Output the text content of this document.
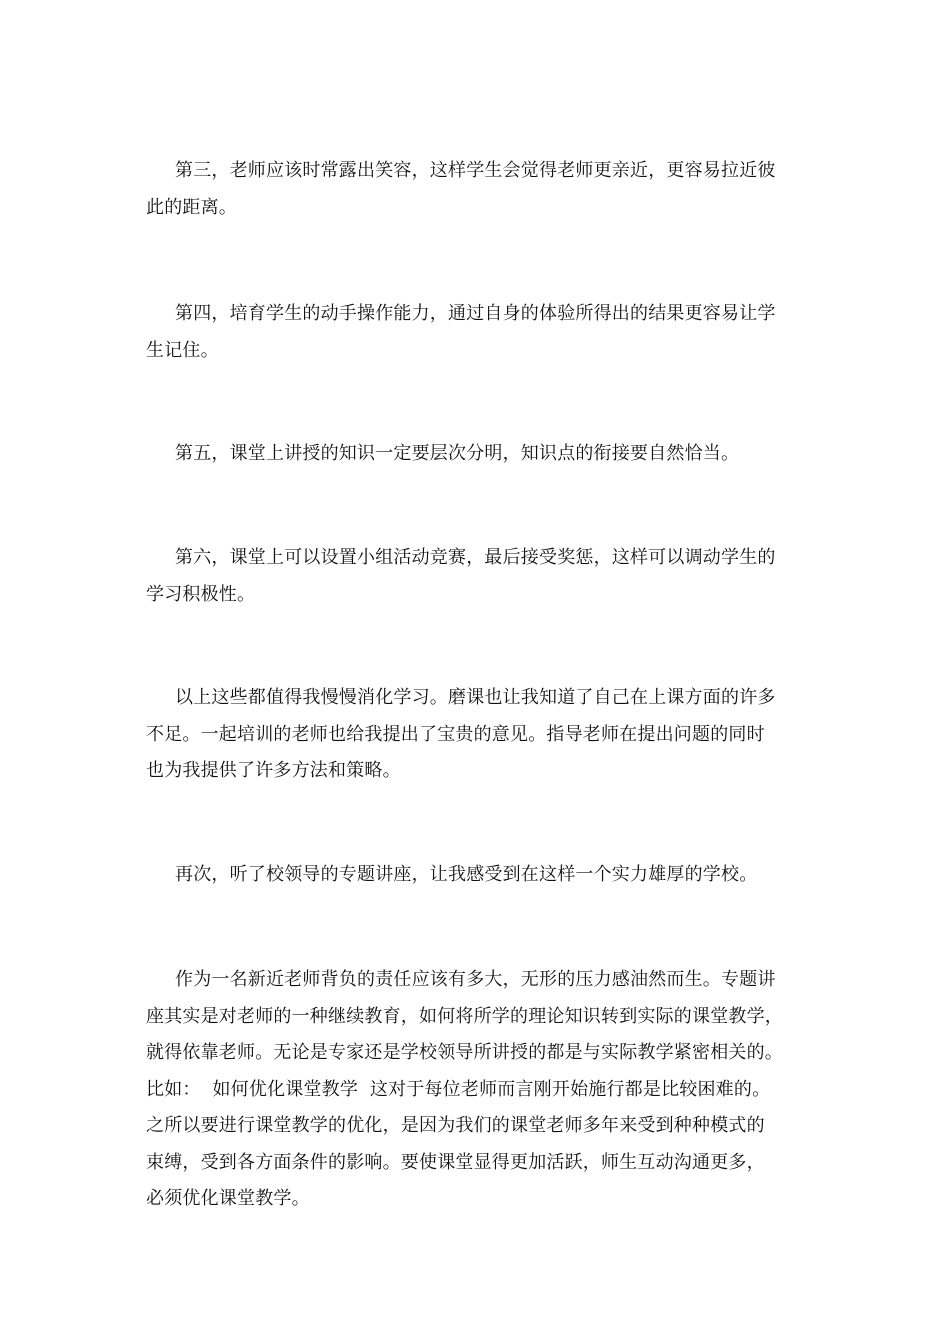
第三，老师应该时常露出笑容，这样学生会觉得老师更亲近，更容易拉近彼
此的距离。

第四，培育学生的动手操作能力，通过自身的体验所得出的结果更容易让学
生记住。

第五，课堂上讲授的知识一定要层次分明，知识点的衔接要自然恰当。

第六，课堂上可以设置小组活动竞赛，最后接受奖惩，这样可以调动学生的
学习积极性。

以上这些都值得我慢慢消化学习。磨课也让我知道了自己在上课方面的许多
不足。一起培训的老师也给我提出了宝贵的意见。指导老师在提出问题的同时
也为我提供了许多方法和策略。

再次，听了校领导的专题讲座，让我感受到在这样一个实力雄厚的学校。

作为一名新近老师背负的责任应该有多大，无形的压力感油然而生。专题讲
座其实是对老师的一种继续教育，如何将所学的理论知识转到实际的课堂教学，
就得依靠老师。无论是专家还是学校领导所讲授的都是与实际教学紧密相关的。
比如：  如何优化课堂教学  这对于每位老师而言刚开始施行都是比较困难的。
之所以要进行课堂教学的优化，是因为我们的课堂老师多年来受到种种模式的
束缚，受到各方面条件的影响。要使课堂显得更加活跃，师生互动沟通更多，
必须优化课堂教学。
